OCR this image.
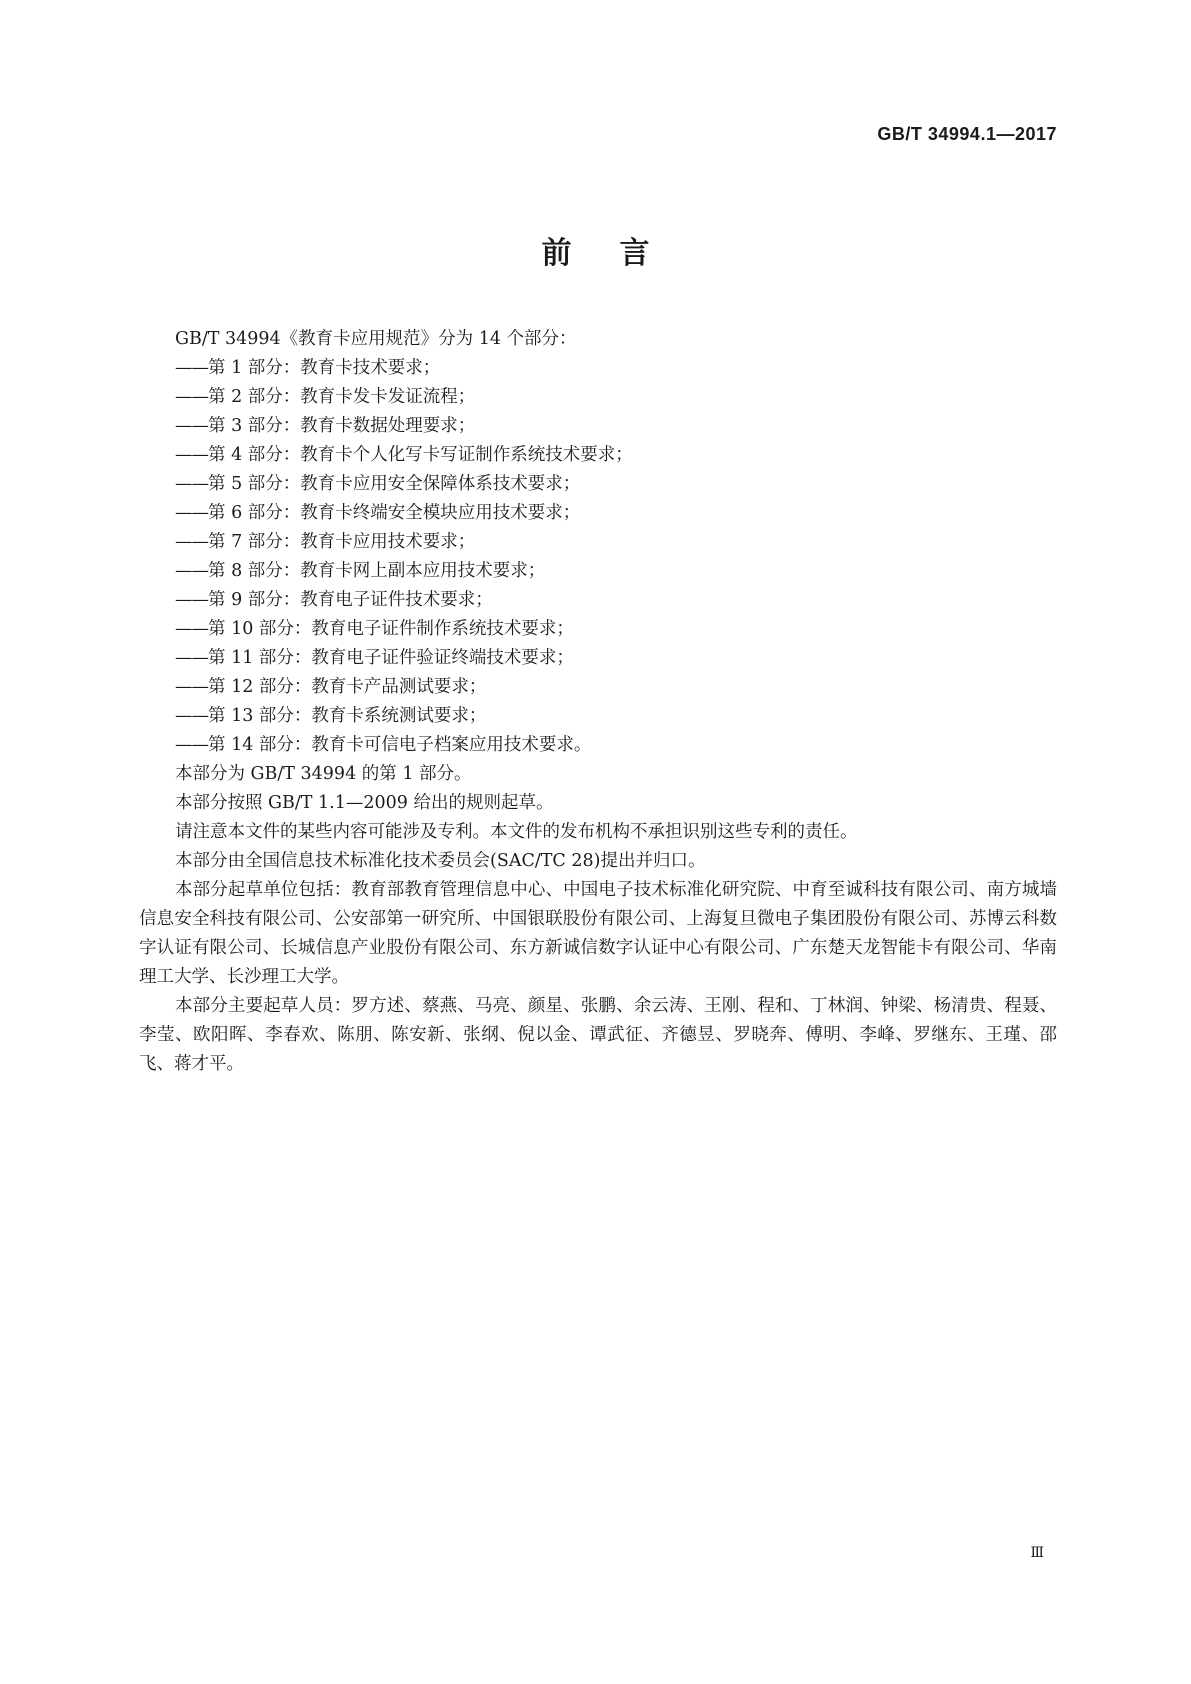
GB/T 34994.1—2017
前言

GB/T 34994《教育卡应用规范》分为 14 个部分：

——第 1 部分：教育卡技术要求；
——第 2 部分：教育卡发卡发证流程；
——第 3 部分：教育卡数据处理要求；
——第 4 部分：教育卡个人化写卡写证制作系统技术要求；
——第 5 部分：教育卡应用安全保障体系技术要求；
——第 6 部分：教育卡终端安全模块应用技术要求；
——第 7 部分：教育卡应用技术要求；
——第 8 部分：教育卡网上副本应用技术要求；
——第 9 部分：教育电子证件技术要求；
——第 10 部分：教育电子证件制作系统技术要求；
——第 11 部分：教育电子证件验证终端技术要求；
——第 12 部分：教育卡产品测试要求；
——第 13 部分：教育卡系统测试要求；
——第 14 部分：教育卡可信电子档案应用技术要求。

本部分为 GB/T 34994 的第 1 部分。

本部分按照 GB/T 1.1—2009 给出的规则起草。

请注意本文件的某些内容可能涉及专利。本文件的发布机构不承担识别这些专利的责任。

本部分由全国信息技术标准化技术委员会(SAC/TC 28)提出并归口。

本部分起草单位包括：教育部教育管理信息中心、中国电子技术标准化研究院、中育至诚科技有限公司、南方城墙信息安全科技有限公司、公安部第一研究所、中国银联股份有限公司、上海复旦微电子集团股份有限公司、苏博云科数字认证有限公司、长城信息产业股份有限公司、东方新诚信数字认证中心有限公司、广东楚天龙智能卡有限公司、华南理工大学、长沙理工大学。

本部分主要起草人员：罗方述、蔡燕、马亮、颜星、张鹏、余云涛、王刚、程和、丁林润、钟梁、杨清贵、程聂、李莹、欧阳晖、李春欢、陈朋、陈安新、张纲、倪以金、谭武征、齐德昱、罗晓奔、傅明、李峰、罗继东、王瑾、邵飞、蒋才平。

Ⅲ
